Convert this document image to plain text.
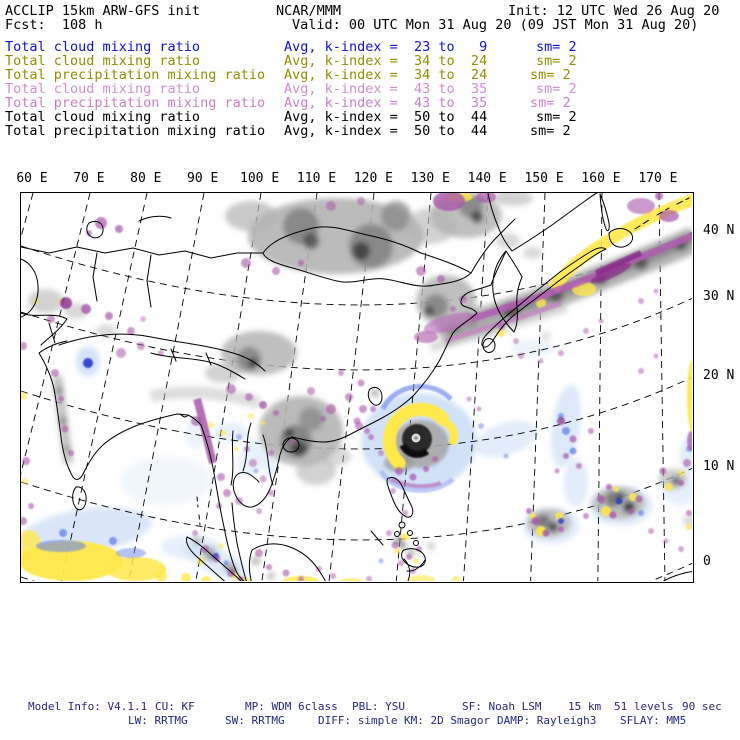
ACCLIP 15km ARW-GFS init	NCAR/MMM	Init: 12 UTC Wed 26 Aug 20
Fcst:  108 h	Valid: 00 UTC Mon 31 Aug 20 (09 JST Mon 31 Aug 20)
Total cloud mixing ratio	Avg, k-index =  23 to   9	sm= 2
Total cloud mixing ratio	Avg, k-index =  34 to  24	sm= 2
Total precipitation mixing ratio Avg, k-index =  34 to  24	sm= 2
Total cloud mixing ratio	Avg, k-index =  43 to  35	sm= 2
Total precipitation mixing ratio Avg, k-index =  43 to  35	sm= 2
Total cloud mixing ratio	Avg, k-index =  50 to  44	sm= 2
Total precipitation mixing ratio Avg, k-index =  50 to  44	sm= 2
60 E 70 E 80 E 90 E 100 E 110 E 120 E 130 E 140 E 150 E 160 E 170 E
40 N
30 N
20 N
10 N
0
Model Info: V4.1.1 CU: KF	MP: WDM 6class PBL: YSU	SF: Noah LSM 15 km 51 levels 90 sec
LW: RRTMG	SW: RRTMG	DIFF: simple KM: 2D Smagor DAMP: Rayleigh3 SFLAY: MM5
